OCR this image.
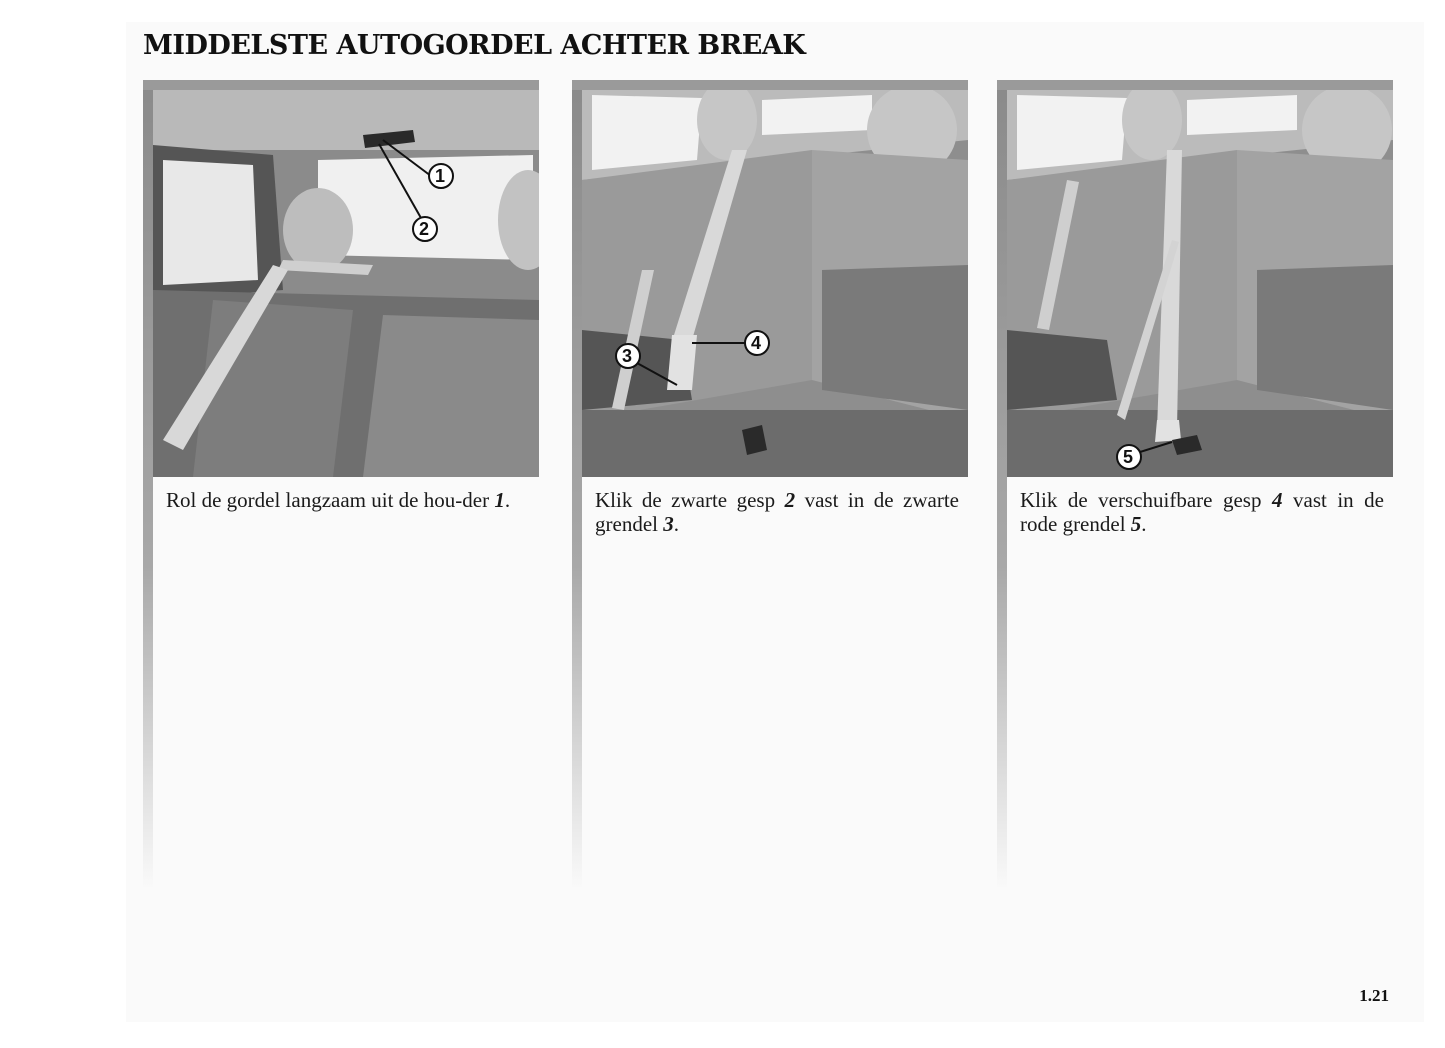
MIDDELSTE AUTOGORDEL ACHTER BREAK
1
2

Rol de gordel langzaam uit de hou-der 1.

4
3

Klik de zwarte gesp 2 vast in de zwarte grendel 3.

5

Klik de verschuifbare gesp 4 vast in de rode grendel 5.

1.21
